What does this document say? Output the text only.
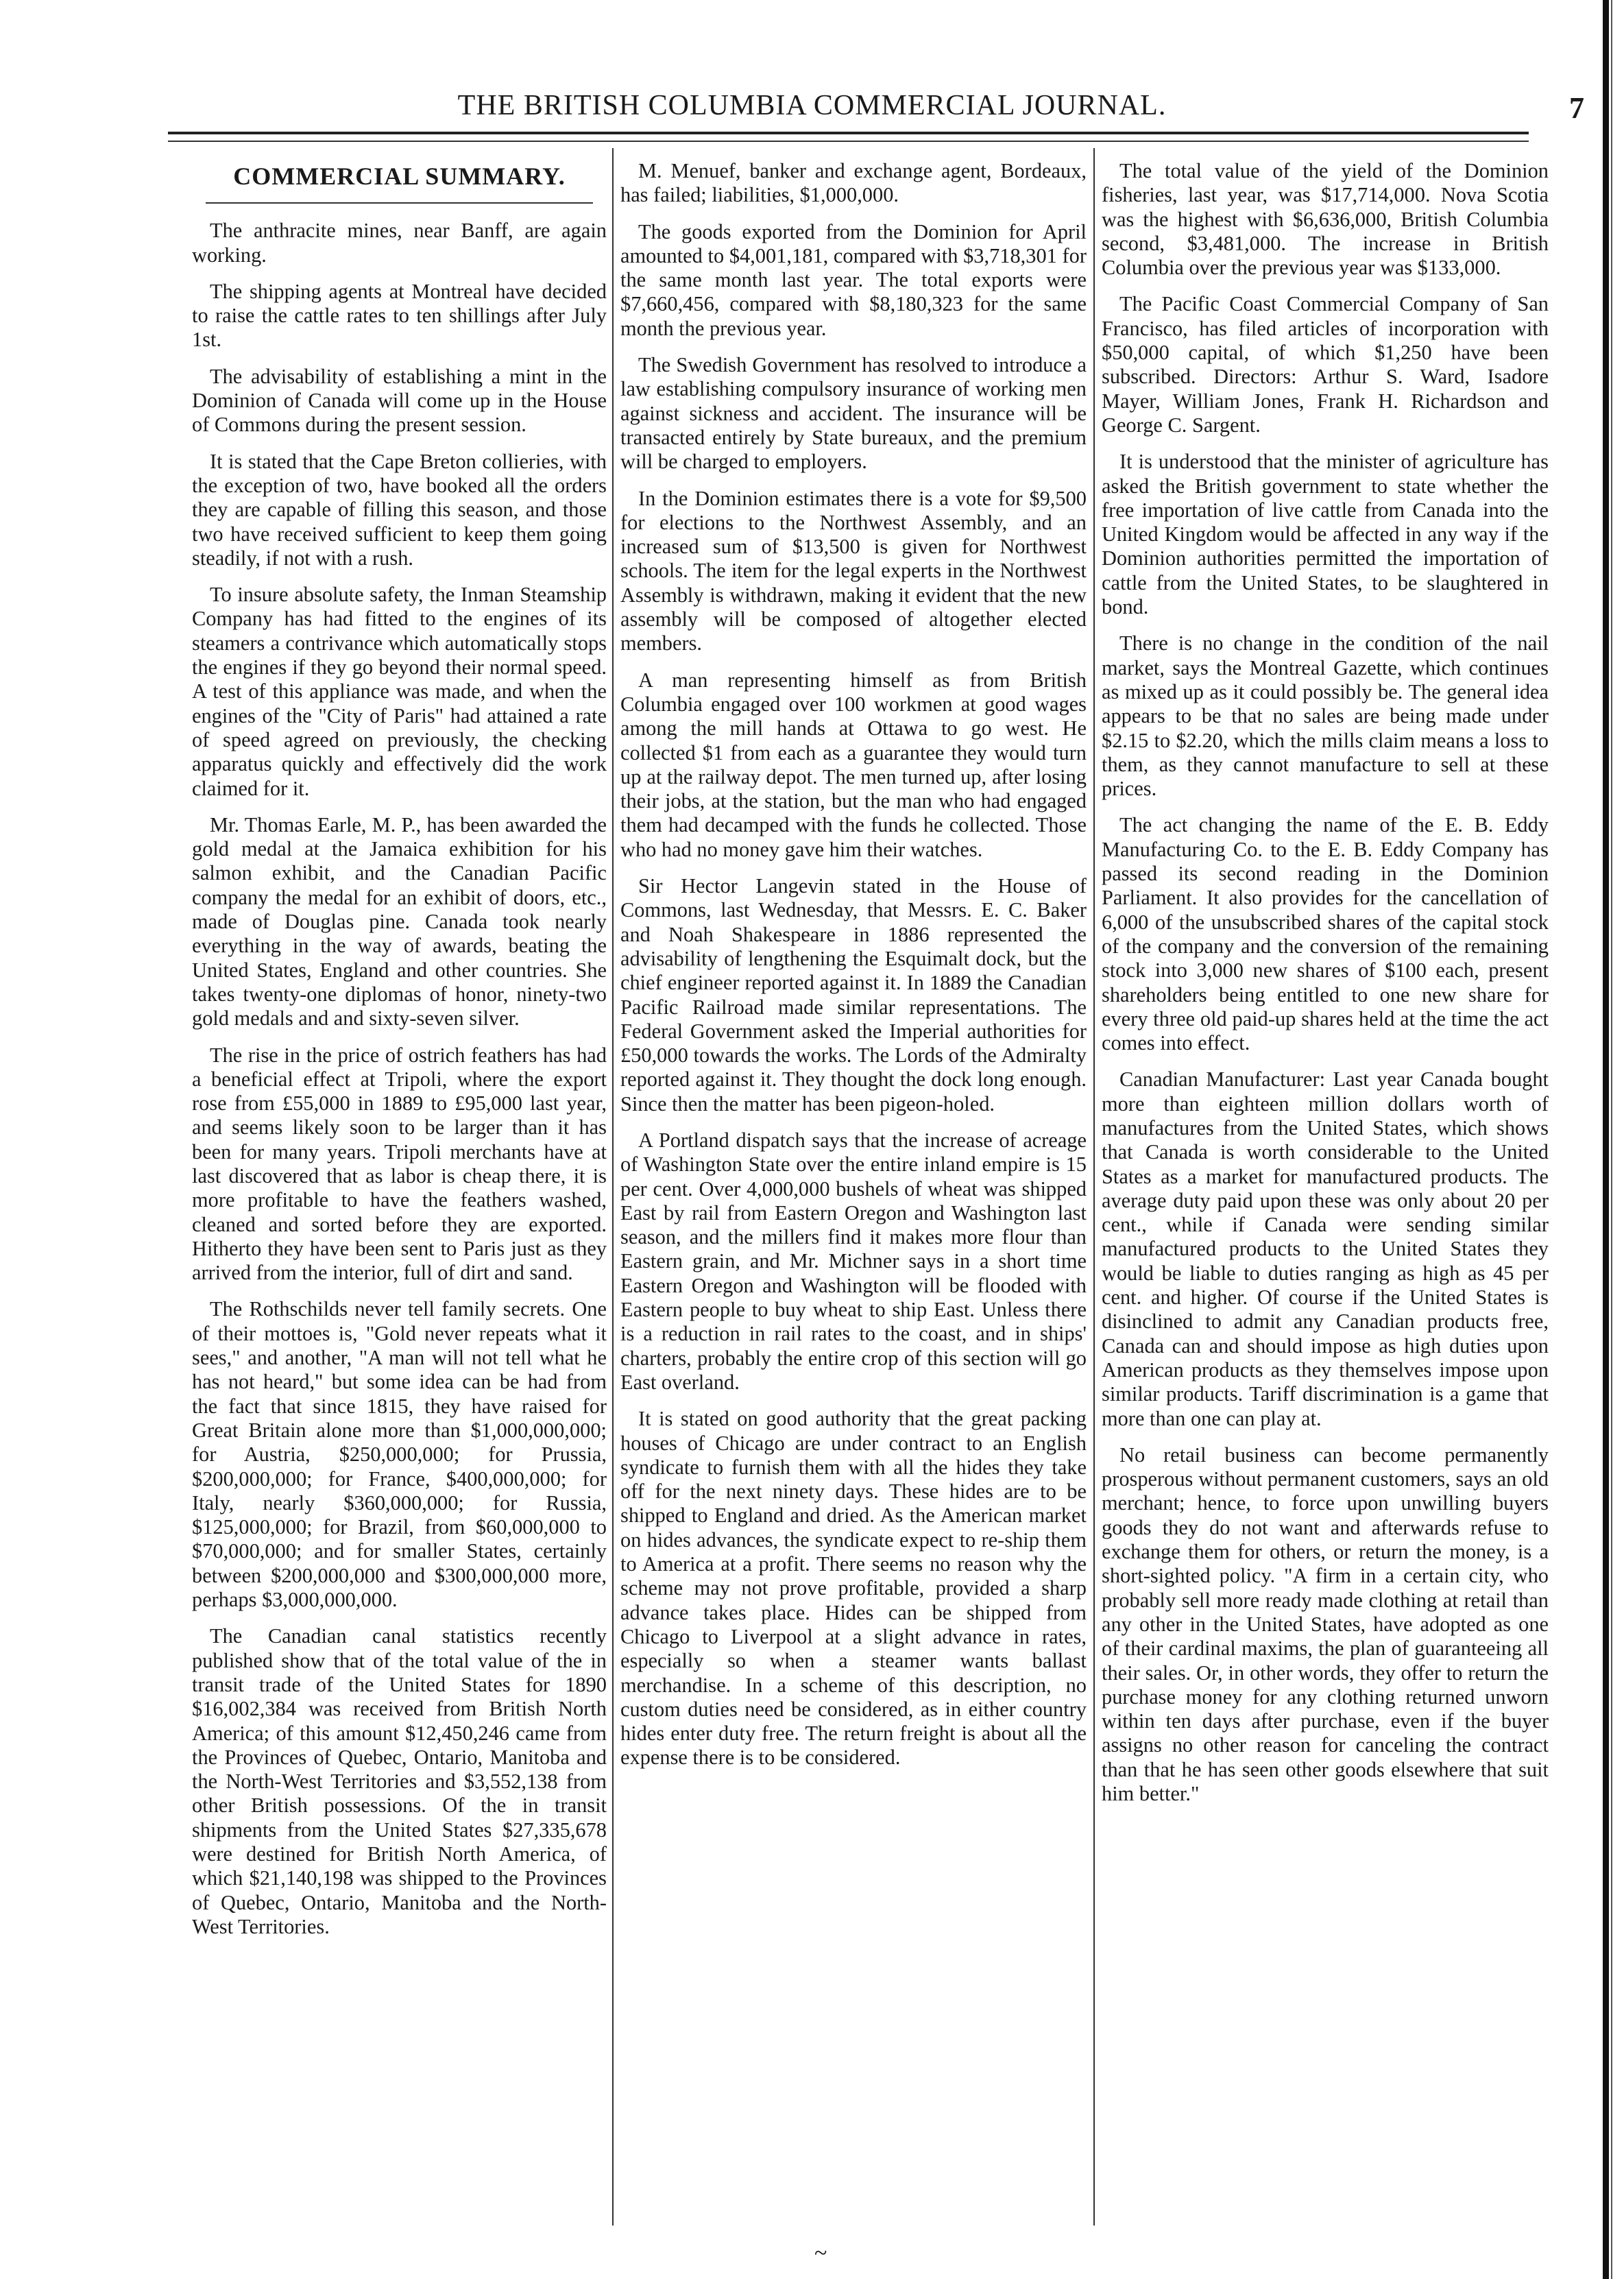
THE BRITISH COLUMBIA COMMERCIAL JOURNAL.	7
COMMERCIAL SUMMARY.

The anthracite mines, near Banff, are again working.

The shipping agents at Montreal have decided to raise the cattle rates to ten shillings after July 1st.

The advisability of establishing a mint in the Dominion of Canada will come up in the House of Commons during the present session.

It is stated that the Cape Breton collieries, with the exception of two, have booked all the orders they are capable of filling this season, and those two have received sufficient to keep them going steadily, if not with a rush.

To insure absolute safety, the Inman Steamship Company has had fitted to the engines of its steamers a contrivance which automatically stops the engines if they go beyond their normal speed. A test of this appliance was made, and when the engines of the "City of Paris" had attained a rate of speed agreed on previously, the checking apparatus quickly and effectively did the work claimed for it.

Mr. Thomas Earle, M. P., has been awarded the gold medal at the Jamaica exhibition for his salmon exhibit, and the Canadian Pacific company the medal for an exhibit of doors, etc., made of Douglas pine. Canada took nearly everything in the way of awards, beating the United States, England and other countries. She takes twenty-one diplomas of honor, ninety-two gold medals and and sixty-seven silver.

The rise in the price of ostrich feathers has had a beneficial effect at Tripoli, where the export rose from £55,000 in 1889 to £95,000 last year, and seems likely soon to be larger than it has been for many years. Tripoli merchants have at last discovered that as labor is cheap there, it is more profitable to have the feathers washed, cleaned and sorted before they are exported. Hitherto they have been sent to Paris just as they arrived from the interior, full of dirt and sand.

The Rothschilds never tell family secrets. One of their mottoes is, "Gold never repeats what it sees," and another, "A man will not tell what he has not heard," but some idea can be had from the fact that since 1815, they have raised for Great Britain alone more than $1,000,000,000; for Austria, $250,000,000; for Prussia, $200,000,000; for France, $400,000,000; for Italy, nearly $360,000,000; for Russia, $125,000,000; for Brazil, from $60,000,000 to $70,000,000; and for smaller States, certainly between $200,000,000 and $300,000,000 more, perhaps $3,000,000,000.

The Canadian canal statistics recently published show that of the total value of the in transit trade of the United States for 1890 $16,002,384 was received from British North America; of this amount $12,450,246 came from the Provinces of Quebec, Ontario, Manitoba and the North-West Territories and $3,552,138 from other British possessions. Of the in transit shipments from the United States $27,335,678 were destined for British North America, of which $21,140,198 was shipped to the Provinces of Quebec, Ontario, Manitoba and the North-West Territories.

M. Menuef, banker and exchange agent, Bordeaux, has failed; liabilities, $1,000,000.

The goods exported from the Dominion for April amounted to $4,001,181, compared with $3,718,301 for the same month last year. The total exports were $7,660,456, compared with $8,180,323 for the same month the previous year.

The Swedish Government has resolved to introduce a law establishing compulsory insurance of working men against sickness and accident. The insurance will be transacted entirely by State bureaux, and the premium will be charged to employers.

In the Dominion estimates there is a vote for $9,500 for elections to the Northwest Assembly, and an increased sum of $13,500 is given for Northwest schools. The item for the legal experts in the Northwest Assembly is withdrawn, making it evident that the new assembly will be composed of altogether elected members.

A man representing himself as from British Columbia engaged over 100 workmen at good wages among the mill hands at Ottawa to go west. He collected $1 from each as a guarantee they would turn up at the railway depot. The men turned up, after losing their jobs, at the station, but the man who had engaged them had decamped with the funds he collected. Those who had no money gave him their watches.

Sir Hector Langevin stated in the House of Commons, last Wednesday, that Messrs. E. C. Baker and Noah Shakespeare in 1886 represented the advisability of lengthening the Esquimalt dock, but the chief engineer reported against it. In 1889 the Canadian Pacific Railroad made similar representations. The Federal Government asked the Imperial authorities for £50,000 towards the works. The Lords of the Admiralty reported against it. They thought the dock long enough. Since then the matter has been pigeon-holed.

A Portland dispatch says that the increase of acreage of Washington State over the entire inland empire is 15 per cent. Over 4,000,000 bushels of wheat was shipped East by rail from Eastern Oregon and Washington last season, and the millers find it makes more flour than Eastern grain, and Mr. Michner says in a short time Eastern Oregon and Washington will be flooded with Eastern people to buy wheat to ship East. Unless there is a reduction in rail rates to the coast, and in ships' charters, probably the entire crop of this section will go East overland.

It is stated on good authority that the great packing houses of Chicago are under contract to an English syndicate to furnish them with all the hides they take off for the next ninety days. These hides are to be shipped to England and dried. As the American market on hides advances, the syndicate expect to re-ship them to America at a profit. There seems no reason why the scheme may not prove profitable, provided a sharp advance takes place. Hides can be shipped from Chicago to Liverpool at a slight advance in rates, especially so when a steamer wants ballast merchandise. In a scheme of this description, no custom duties need be considered, as in either country hides enter duty free. The return freight is about all the expense there is to be considered.

The total value of the yield of the Dominion fisheries, last year, was $17,714,000. Nova Scotia was the highest with $6,636,000, British Columbia second, $3,481,000. The increase in British Columbia over the previous year was $133,000.

The Pacific Coast Commercial Company of San Francisco, has filed articles of incorporation with $50,000 capital, of which $1,250 have been subscribed. Directors: Arthur S. Ward, Isadore Mayer, William Jones, Frank H. Richardson and George C. Sargent.

It is understood that the minister of agriculture has asked the British government to state whether the free importation of live cattle from Canada into the United Kingdom would be affected in any way if the Dominion authorities permitted the importation of cattle from the United States, to be slaughtered in bond.

There is no change in the condition of the nail market, says the Montreal Gazette, which continues as mixed up as it could possibly be. The general idea appears to be that no sales are being made under $2.15 to $2.20, which the mills claim means a loss to them, as they cannot manufacture to sell at these prices.

The act changing the name of the E. B. Eddy Manufacturing Co. to the E. B. Eddy Company has passed its second reading in the Dominion Parliament. It also provides for the cancellation of 6,000 of the unsubscribed shares of the capital stock of the company and the conversion of the remaining stock into 3,000 new shares of $100 each, present shareholders being entitled to one new share for every three old paid-up shares held at the time the act comes into effect.

Canadian Manufacturer: Last year Canada bought more than eighteen million dollars worth of manufactures from the United States, which shows that Canada is worth considerable to the United States as a market for manufactured products. The average duty paid upon these was only about 20 per cent., while if Canada were sending similar manufactured products to the United States they would be liable to duties ranging as high as 45 per cent. and higher. Of course if the United States is disinclined to admit any Canadian products free, Canada can and should impose as high duties upon American products as they themselves impose upon similar products. Tariff discrimination is a game that more than one can play at.

No retail business can become permanently prosperous without permanent customers, says an old merchant; hence, to force upon unwilling buyers goods they do not want and afterwards refuse to exchange them for others, or return the money, is a short-sighted policy. "A firm in a certain city, who probably sell more ready made clothing at retail than any other in the United States, have adopted as one of their cardinal maxims, the plan of guaranteeing all their sales. Or, in other words, they offer to return the purchase money for any clothing returned unworn within ten days after purchase, even if the buyer assigns no other reason for canceling the contract than that he has seen other goods elsewhere that suit him better."

~
